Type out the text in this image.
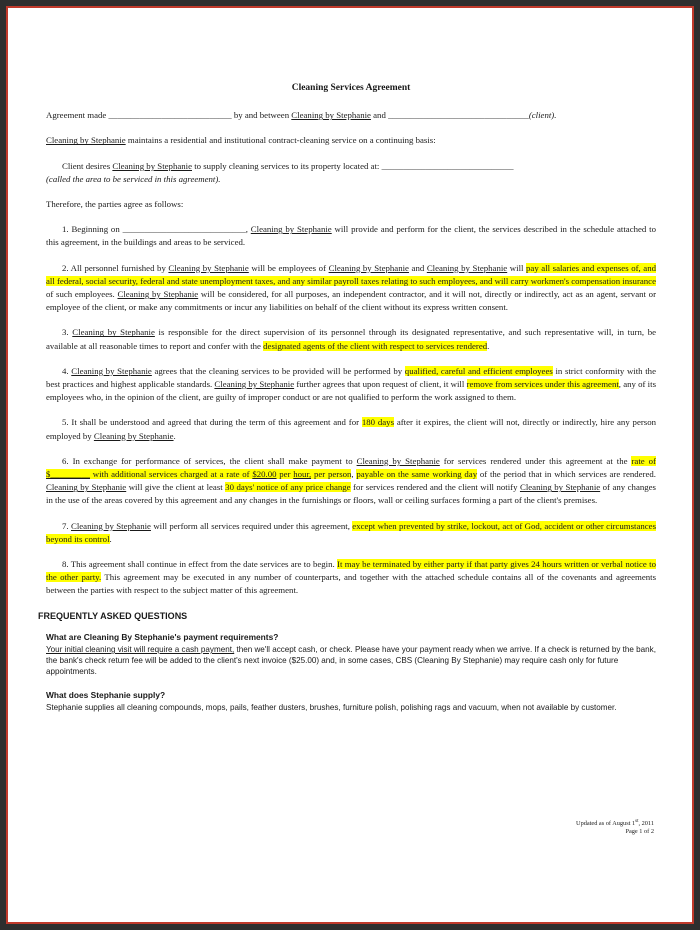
Cleaning Services Agreement

Agreement made ____________________________ by and between Cleaning by Stephanie and ________________________________(client).

Cleaning by Stephanie maintains a residential and institutional contract-cleaning service on a continuing basis:

Client desires Cleaning by Stephanie to supply cleaning services to its property located at: ______________________________
(called the area to be serviced in this agreement).

Therefore, the parties agree as follows:

1. Beginning on ____________________________, Cleaning by Stephanie will provide and perform for the client, the services described in the schedule attached to this agreement, in the buildings and areas to be serviced.

2. All personnel furnished by Cleaning by Stephanie will be employees of Cleaning by Stephanie and Cleaning by Stephanie will pay all salaries and expenses of, and all federal, social security, federal and state unemployment taxes, and any similar payroll taxes relating to such employees, and will carry workmen's compensation insurance of such employees. Cleaning by Stephanie will be considered, for all purposes, an independent contractor, and it will not, directly or indirectly, act as an agent, servant or employee of the client, or make any commitments or incur any liabilities on behalf of the client without its express written consent.

3. Cleaning by Stephanie is responsible for the direct supervision of its personnel through its designated representative, and such representative will, in turn, be available at all reasonable times to report and confer with the designated agents of the client with respect to services rendered.

4. Cleaning by Stephanie agrees that the cleaning services to be provided will be performed by qualified, careful and efficient employees in strict conformity with the best practices and highest applicable standards. Cleaning by Stephanie further agrees that upon request of client, it will remove from services under this agreement, any of its employees who, in the opinion of the client, are guilty of improper conduct or are not qualified to perform the work assigned to them.

5. It shall be understood and agreed that during the term of this agreement and for 180 days after it expires, the client will not, directly or indirectly, hire any person employed by Cleaning by Stephanie.

6. In exchange for performance of services, the client shall make payment to Cleaning by Stephanie for services rendered under this agreement at the rate of $_________ with additional services charged at a rate of $20.00 per hour, per person, payable on the same working day of the period that in which services are rendered. Cleaning by Stephanie will give the client at least 30 days' notice of any price change for services rendered and the client will notify Cleaning by Stephanie of any changes in the use of the areas covered by this agreement and any changes in the furnishings or floors, wall or ceiling surfaces forming a part of the client's premises.

7. Cleaning by Stephanie will perform all services required under this agreement, except when prevented by strike, lockout, act of God, accident or other circumstances beyond its control.

8. This agreement shall continue in effect from the date services are to begin. It may be terminated by either party if that party gives 24 hours written or verbal notice to the other party. This agreement may be executed in any number of counterparts, and together with the attached schedule contains all of the covenants and agreements between the parties with respect to the subject matter of this agreement.

FREQUENTLY ASKED QUESTIONS
What are Cleaning By Stephanie's payment requirements?

Your initial cleaning visit will require a cash payment, then we'll accept cash, or check. Please have your payment ready when we arrive. If a check is returned by the bank, the bank's check return fee will be added to the client's next invoice ($25.00) and, in some cases, CBS (Cleaning By Stephanie) may require cash only for future appointments.

What does Stephanie supply?

Stephanie supplies all cleaning compounds, mops, pails, feather dusters, brushes, furniture polish, polishing rags and vacuum, when not available by customer.

Updated as of August 1st, 2011
Page 1 of 2
